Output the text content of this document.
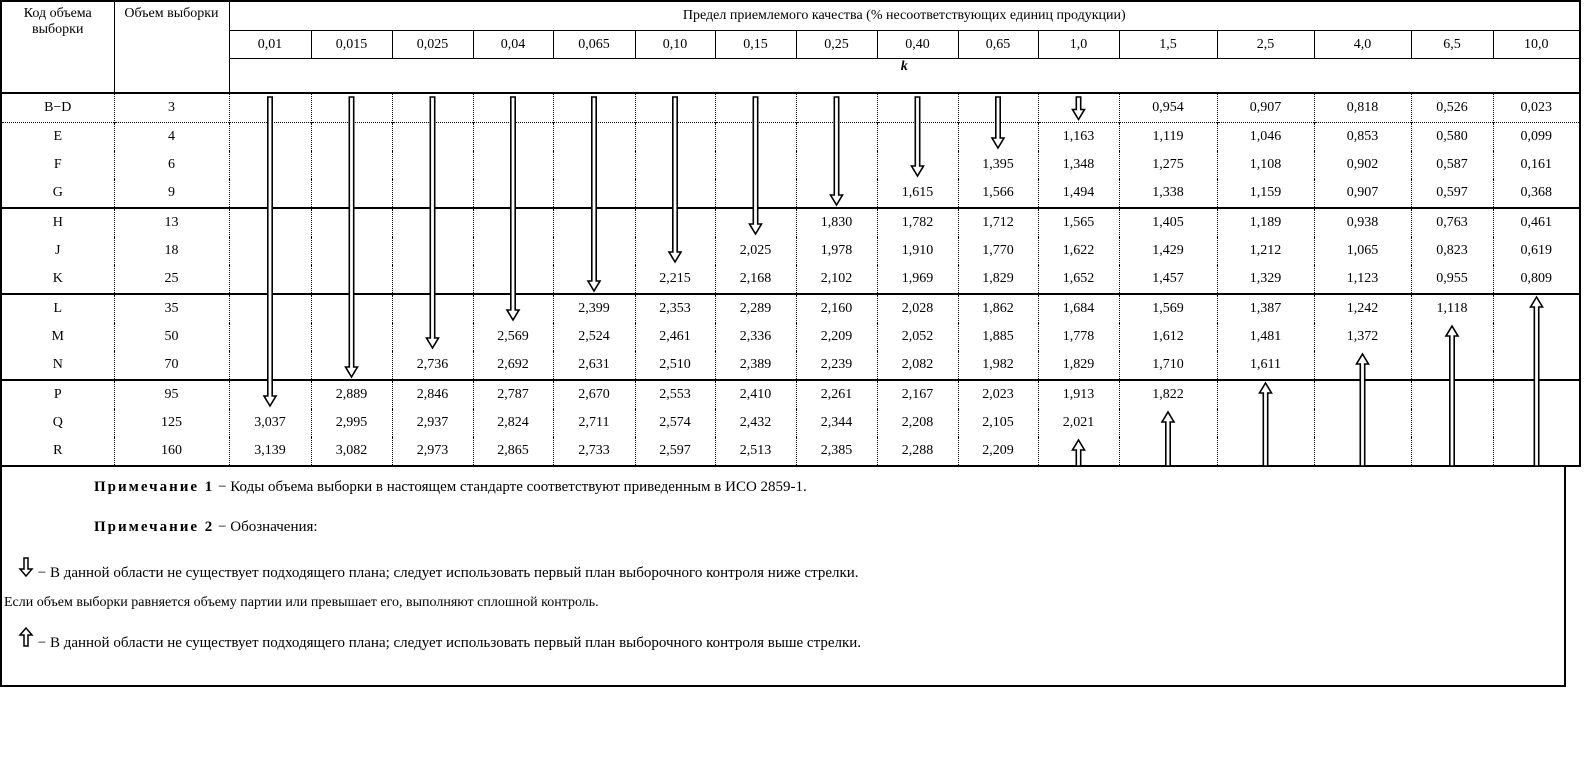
Код объема выборки	Объем выборки	Предел приемлемого качества (% несоответствующих единиц продукции)															
		0,01	0,015	0,025	0,04	0,065	0,10	0,15	0,25	0,40	0,65	1,0	1,5	2,5	4,0	6,5	10,0
		k															
B−D	3												0,954	0,907	0,818	0,526	0,023
E	4											1,163	1,119	1,046	0,853	0,580	0,099
F	6										1,395	1,348	1,275	1,108	0,902	0,587	0,161
G	9									1,615	1,566	1,494	1,338	1,159	0,907	0,597	0,368
H	13								1,830	1,782	1,712	1,565	1,405	1,189	0,938	0,763	0,461
J	18							2,025	1,978	1,910	1,770	1,622	1,429	1,212	1,065	0,823	0,619
K	25						2,215	2,168	2,102	1,969	1,829	1,652	1,457	1,329	1,123	0,955	0,809
L	35					2,399	2,353	2,289	2,160	2,028	1,862	1,684	1,569	1,387	1,242	1,118	
M	50				2,569	2,524	2,461	2,336	2,209	2,052	1,885	1,778	1,612	1,481	1,372		
N	70			2,736	2,692	2,631	2,510	2,389	2,239	2,082	1,982	1,829	1,710	1,611			
P	95		2,889	2,846	2,787	2,670	2,553	2,410	2,261	2,167	2,023	1,913	1,822				
Q	125	3,037	2,995	2,937	2,824	2,711	2,574	2,432	2,344	2,208	2,105	2,021					
R	160	3,139	3,082	2,973	2,865	2,733	2,597	2,513	2,385	2,288	2,209						
Примечание 1 − Коды объема выборки в настоящем стандарте соответствуют приведенным в ИСО 2859-1.
Примечание 2 − Обозначения:
− В данной области не существует подходящего плана; следует использовать первый план выборочного контроля ниже стрелки.
Если объем выборки равняется объему партии или превышает его, выполняют сплошной контроль.
− В данной области не существует подходящего плана; следует использовать первый план выборочного контроля выше стрелки.
